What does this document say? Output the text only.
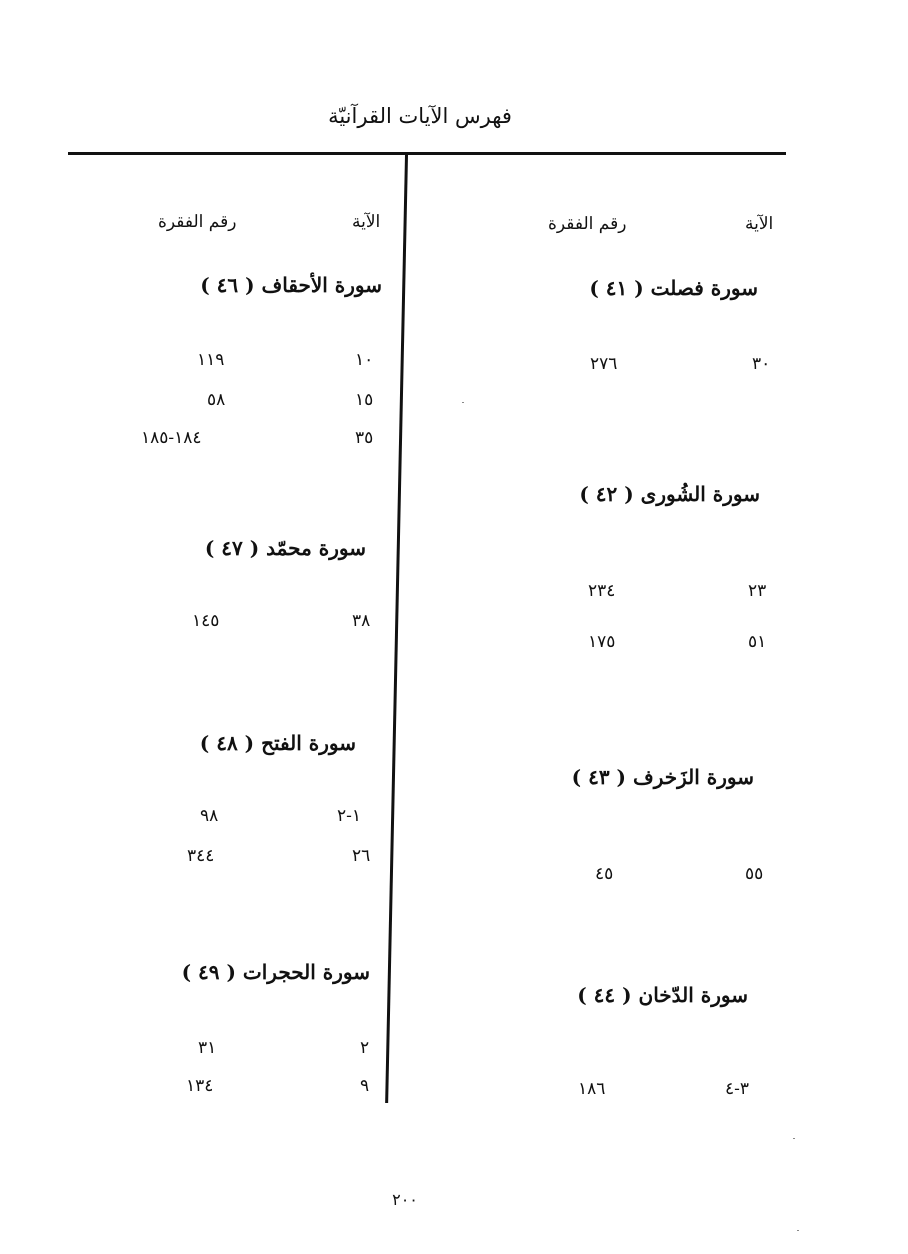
فهرس الآيات القرآنيّة
الآية
رقم الفقرة
الآية
رقم الفقرة
سورة فصلت ( ٤١ )
٣٠
٢٧٦
سورة الشُورى ( ٤٢ )
٢٣
٢٣٤
٥١
١٧٥
سورة الزَخرف ( ٤٣ )
٥٥
٤٥
سورة الدّخان ( ٤٤ )
٣-٤
١٨٦
سورة الأحقاف ( ٤٦ )
١٠
١١٩
١٥
٥٨
٣٥
١٨٤-١٨٥
سورة محمّد ( ٤٧ )
٣٨
١٤٥
سورة الفتح ( ٤٨ )
١-٢
٩٨
٢٦
٣٤٤
سورة الحجرات ( ٤٩ )
٢
٣١
٩
١٣٤
٢٠٠
